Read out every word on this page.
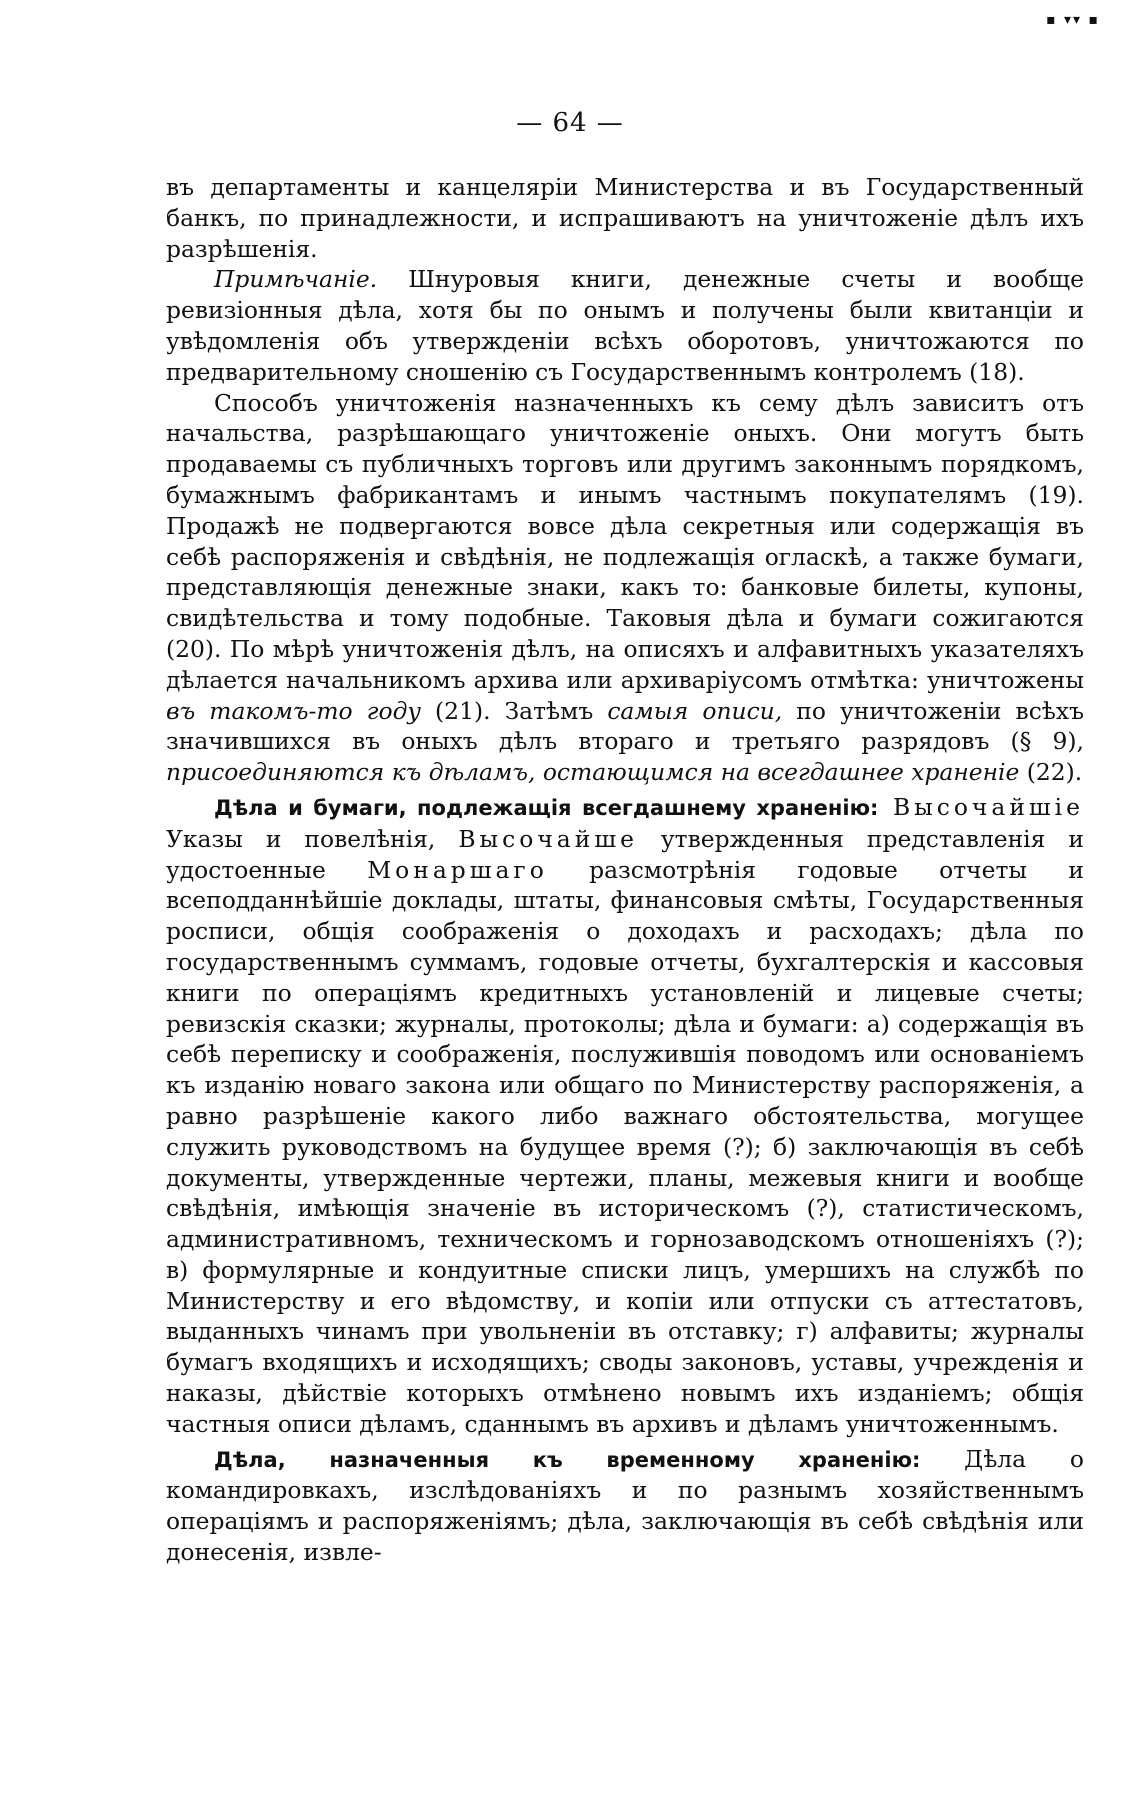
▪ ▾▾ ▪
— 64 —

въ департаменты и канцеляріи Министерства и въ Государственный банкъ, по принадлежности, и испрашиваютъ на уничтоженіе дѣлъ ихъ разрѣшенія.

Примѣчаніе. Шнуровыя книги, денежные счеты и вообще ревизіонныя дѣла, хотя бы по онымъ и получены были квитанціи и увѣдомленія объ утвержденіи всѣхъ оборотовъ, уничтожаются по предварительному сношенію съ Государственнымъ контролемъ (18).

Способъ уничтоженія назначенныхъ къ сему дѣлъ зависитъ отъ начальства, разрѣшающаго уничтоженіе оныхъ. Они могутъ быть продаваемы съ публичныхъ торговъ или другимъ законнымъ порядкомъ, бумажнымъ фабрикантамъ и инымъ частнымъ покупателямъ (19). Продажѣ не подвергаются вовсе дѣла секретныя или содержащія въ себѣ распоряженія и свѣдѣнія, не подлежащія огласкѣ, а также бумаги, представляющія денежные знаки, какъ то: банковые билеты, купоны, свидѣтельства и тому подобные. Таковыя дѣла и бумаги сожигаются (20). По мѣрѣ уничтоженія дѣлъ, на описяхъ и алфавитныхъ указателяхъ дѣлается начальникомъ архива или архиваріусомъ отмѣтка: уничтожены въ такомъ-то году (21). Затѣмъ самыя описи, по уничтоженіи всѣхъ значившихся въ оныхъ дѣлъ втораго и третьяго разрядовъ (§ 9), присоединяются къ дѣламъ, остающимся на всегдашнее храненіе (22).

Дѣла и бумаги, подлежащія всегдашнему храненію: Высочайшіе Указы и повелѣнія, Высочайше утвержденныя представленія и удостоенные Монаршаго разсмотрѣнія годовые отчеты и всеподданнѣйшіе доклады, штаты, финансовыя смѣты, Государственныя росписи, общія соображенія о доходахъ и расходахъ; дѣла по государственнымъ суммамъ, годовые отчеты, бухгалтерскія и кассовыя книги по операціямъ кредитныхъ установленій и лицевые счеты; ревизскія сказки; журналы, протоколы; дѣла и бумаги: а) содержащія въ себѣ переписку и соображенія, послужившія поводомъ или основаніемъ къ изданію новаго закона или общаго по Министерству распоряженія, а равно разрѣшеніе какого либо важнаго обстоятельства, могущее служить руководствомъ на будущее время (?); б) заключающія въ себѣ документы, утвержденные чертежи, планы, межевыя книги и вообще свѣдѣнія, имѣющія значеніе въ историческомъ (?), статистическомъ, административномъ, техническомъ и горнозаводскомъ отношеніяхъ (?); в) формулярные и кондуитные списки лицъ, умершихъ на службѣ по Министерству и его вѣдомству, и копіи или отпуски съ аттестатовъ, выданныхъ чинамъ при увольненіи въ отставку; г) алфавиты; журналы бумагъ входящихъ и исходящихъ; своды законовъ, уставы, учрежденія и наказы, дѣйствіе которыхъ отмѣнено новымъ ихъ изданіемъ; общія частныя описи дѣламъ, сданнымъ въ архивъ и дѣламъ уничтоженнымъ.

Дѣла, назначенныя къ временному храненію: Дѣла о командировкахъ, изслѣдованіяхъ и по разнымъ хозяйственнымъ операціямъ и распоряженіямъ; дѣла, заключающія въ себѣ свѣдѣнія или донесенія, извле-
